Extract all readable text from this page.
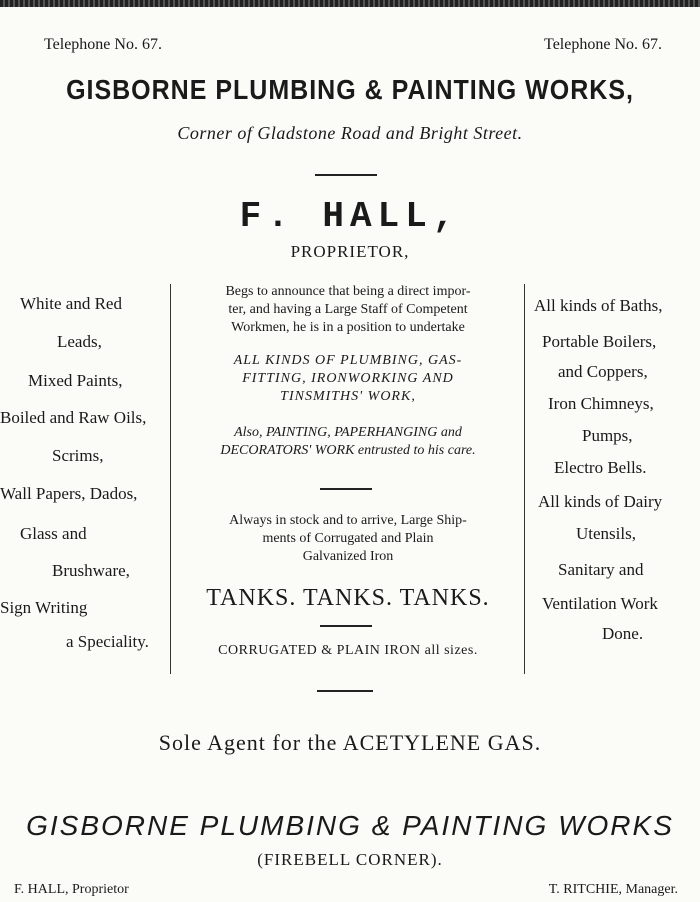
Telephone No. 67.	Telephone No. 67.
GISBORNE PLUMBING & PAINTING WORKS,
Corner of Gladstone Road and Bright Street.
F. HALL,
PROPRIETOR,
White and Red
Leads,
Mixed Paints,
Boiled and Raw Oils,
Scrims,
Wall Papers, Dados,
Glass and
Brushware,
Sign Writing
a Speciality.
Begs to announce that being a direct impor-
ter, and having a Large Staff of Competent
Workmen, he is in a position to undertake
ALL KINDS OF PLUMBING, GAS-
FITTING, IRONWORKING AND
TINSMITHS' WORK,
Also, PAINTING, PAPERHANGING and
DECORATORS' WORK entrusted to his care.
Always in stock and to arrive, Large Ship-
ments of Corrugated and Plain
Galvanized Iron
TANKS. TANKS. TANKS.
CORRUGATED & PLAIN IRON all sizes.
All kinds of Baths,
Portable Boilers,
and Coppers,
Iron Chimneys,
Pumps,
Electro Bells.
All kinds of Dairy
Utensils,
Sanitary and
Ventilation Work
Done.
Sole Agent for the ACETYLENE GAS.
GISBORNE PLUMBING & PAINTING WORKS
(FIREBELL CORNER).
F. HALL, Proprietor	T. RITCHIE, Manager.
